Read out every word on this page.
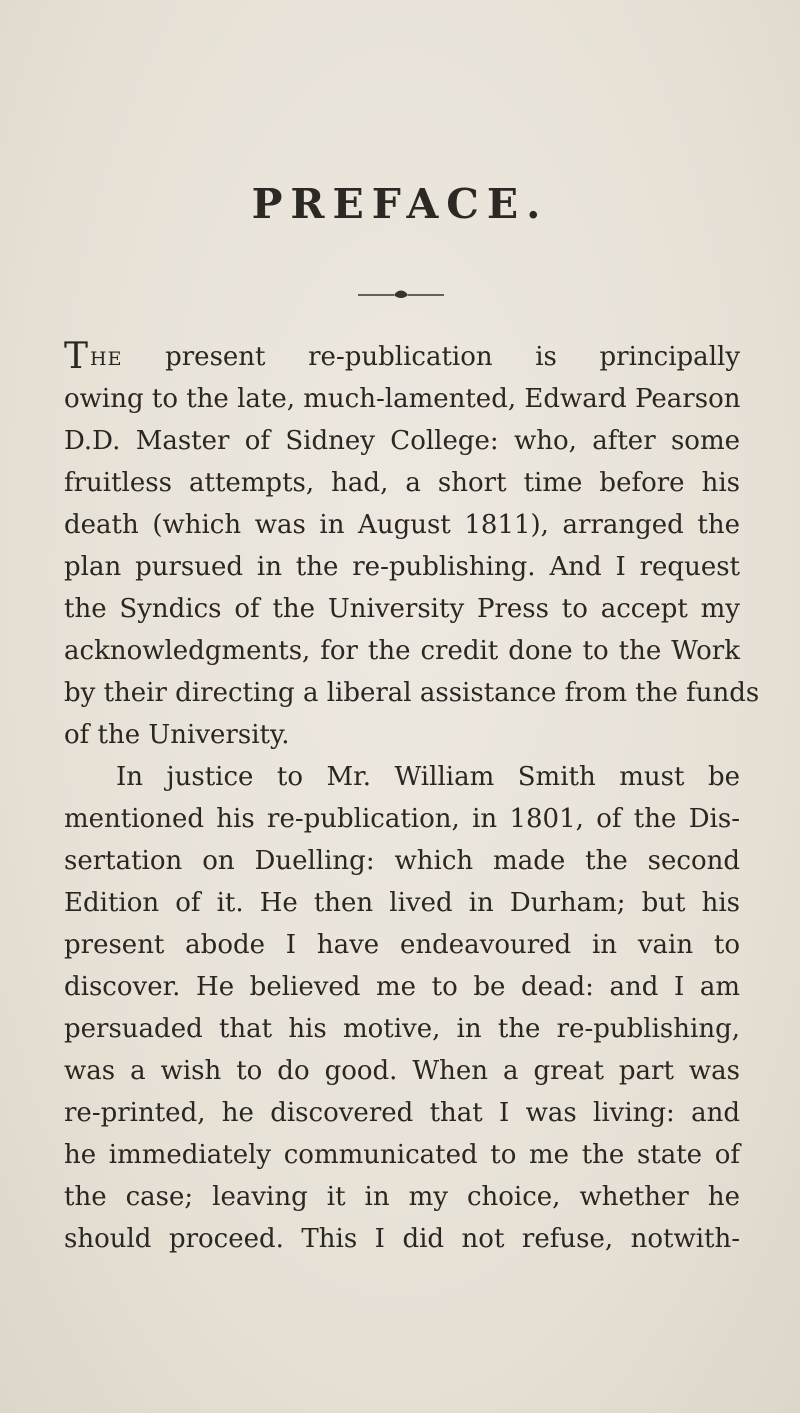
PREFACE.
THE present re-publication is principally
owing to the late, much-lamented, Edward Pearson
D.D. Master of Sidney College: who, after some
fruitless attempts, had, a short time before his
death (which was in August 1811), arranged the
plan pursued in the re-publishing. And I request
the Syndics of the University Press to accept my
acknowledgments, for the credit done to the Work
by their directing a liberal assistance from the funds
of the University.
In justice to Mr. William Smith must be
mentioned his re-publication, in 1801, of the Dis-
sertation on Duelling: which made the second
Edition of it. He then lived in Durham; but his
present abode I have endeavoured in vain to
discover. He believed me to be dead: and I am
persuaded that his motive, in the re-publishing,
was a wish to do good. When a great part was
re-printed, he discovered that I was living: and
he immediately communicated to me the state of
the case; leaving it in my choice, whether he
should proceed. This I did not refuse, notwith-
